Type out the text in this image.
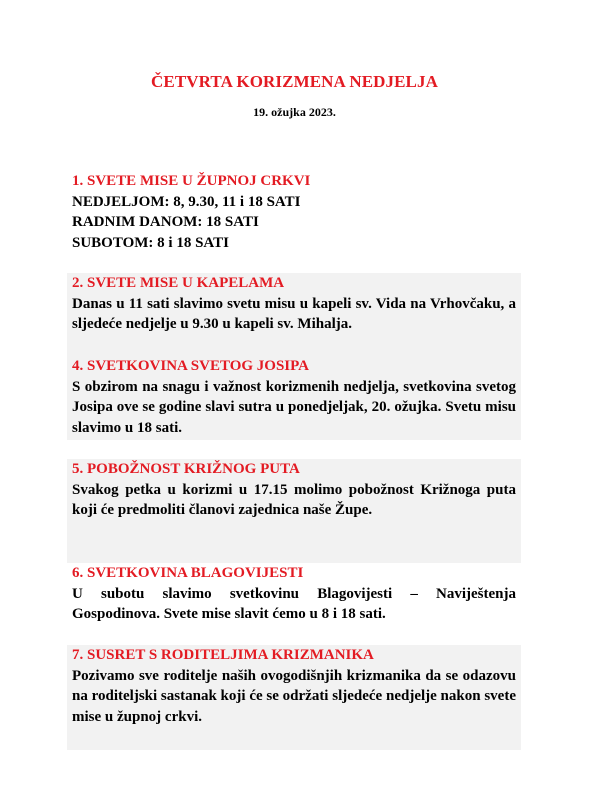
ČETVRTA KORIZMENA NEDJELJA
19. ožujka 2023.
1. SVETE MISE U ŽUPNOJ CRKVI
NEDJELJOM: 8, 9.30, 11 i 18 SATI
RADNIM DANOM: 18 SATI
SUBOTOM: 8 i 18 SATI
2. SVETE MISE U KAPELAMA
Danas u 11 sati slavimo svetu misu u kapeli sv. Vida na Vrhovčaku, a sljedeće nedjelje u 9.30 u kapeli sv. Mihalja.
4. SVETKOVINA SVETOG JOSIPA
S obzirom na snagu i važnost korizmenih nedjelja, svetkovina svetog Josipa ove se godine slavi sutra u ponedjeljak, 20. ožujka. Svetu misu slavimo u 18 sati.
5. POBOŽNOST KRIŽNOG PUTA
Svakog petka u korizmi u 17.15 molimo pobožnost Križnoga puta koji će predmoliti članovi zajednica naše Župe.
6. SVETKOVINA BLAGOVIJESTI
U subotu slavimo svetkovinu Blagovijesti – Naviještenja Gospodinova. Svete mise slavit ćemo u 8 i 18 sati.
7. SUSRET S RODITELJIMA KRIZMANIKA
Pozivamo sve roditelje naših ovogodišnjih krizmanika da se odazovu na roditeljski sastanak koji će se održati sljedeće nedjelje nakon svete mise u župnoj crkvi.
